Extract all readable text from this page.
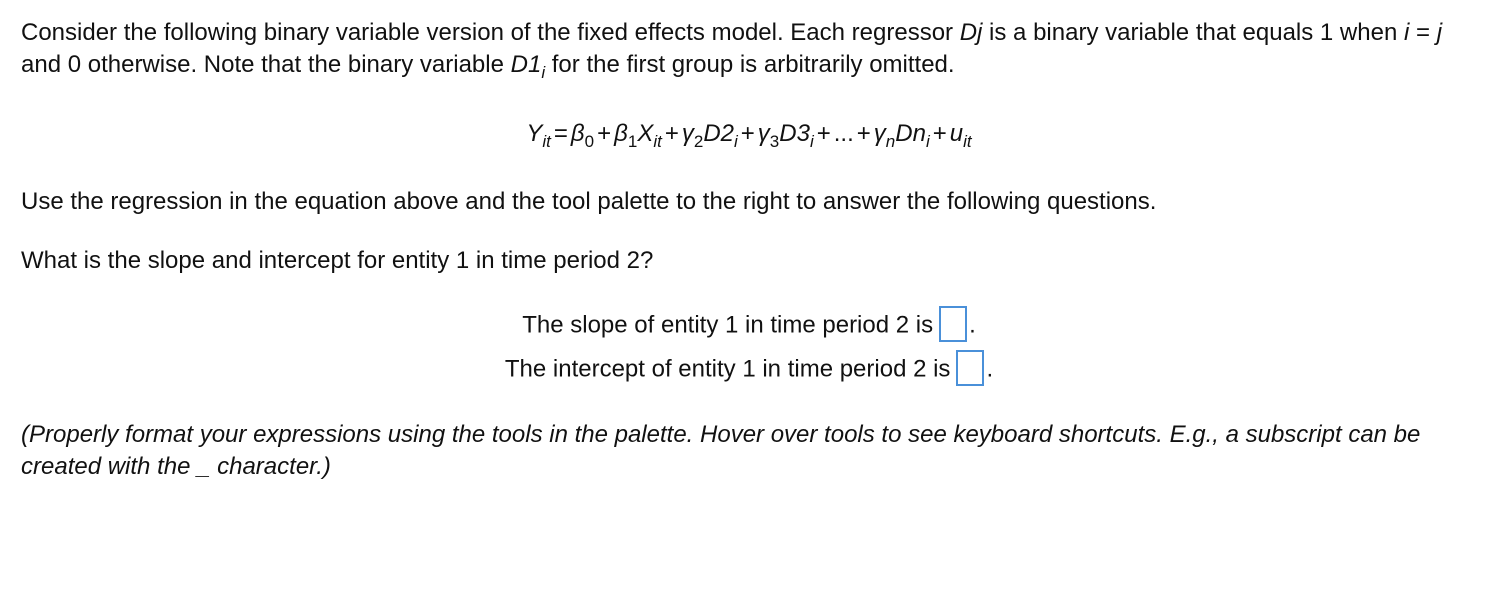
Consider the following binary variable version of the fixed effects model. Each regressor Dj is a binary variable that equals 1 when i = j and 0 otherwise. Note that the binary variable $D1_i$ for the first group is arbitrarily omitted.

$Y_{it} = \beta_0 + \beta_1X_{it} + \gamma_2D2_i + \gamma_3D3_i$ + ... + $\gamma_nDn_i + u_{it}$

Use the regression in the equation above and the tool palette to the right to answer the following questions.

What is the slope and intercept for entity 1 in time period 2?

The slope of entity 1 in time period 2 is .
The intercept of entity 1 in time period 2 is .

(Properly format your expressions using the tools in the palette. Hover over tools to see keyboard shortcuts. E.g., a subscript can be created with the _ character.)
